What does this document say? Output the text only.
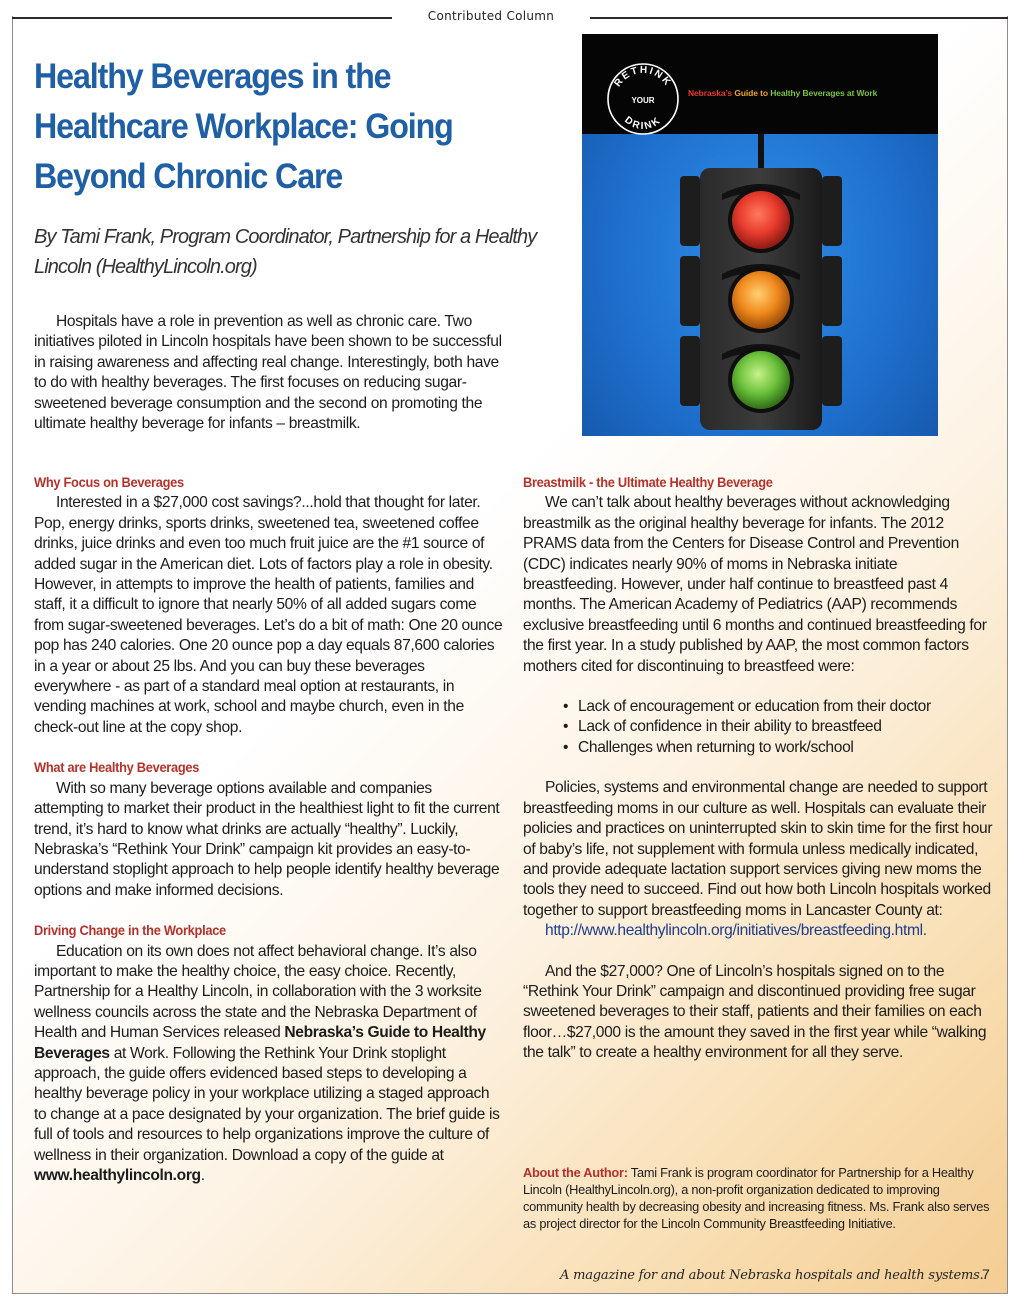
Contributed Column
Healthy Beverages in the Healthcare Workplace: Going Beyond Chronic Care
By Tami Frank, Program Coordinator, Partnership for a Healthy Lincoln (HealthyLincoln.org)
RETHINK
YOUR
DRINK
Nebraska’s Guide to Healthy Beverages at Work

Hospitals have a role in prevention as well as chronic care. Two initiatives piloted in Lincoln hospitals have been shown to be successful in raising awareness and affecting real change. Interestingly, both have to do with healthy beverages. The first focuses on reducing sugar-sweetened beverage consumption and the second on promoting the ultimate healthy beverage for infants – breastmilk.

Why Focus on Beverages

Interested in a $27,000 cost savings?...hold that thought for later. Pop, energy drinks, sports drinks, sweetened tea, sweetened coffee drinks, juice drinks and even too much fruit juice are the #1 source of added sugar in the American diet. Lots of factors play a role in obesity. However, in attempts to improve the health of patients, families and staff, it a difficult to ignore that nearly 50% of all added sugars come from sugar-sweetened beverages. Let’s do a bit of math: One 20 ounce pop has 240 calories. One 20 ounce pop a day equals 87,600 calories in a year or about 25 lbs. And you can buy these beverages everywhere - as part of a standard meal option at restaurants, in vending machines at work, school and maybe church, even in the check-out line at the copy shop.

What are Healthy Beverages

With so many beverage options available and companies attempting to market their product in the healthiest light to fit the current trend, it’s hard to know what drinks are actually “healthy”. Luckily, Nebraska’s “Rethink Your Drink” campaign kit provides an easy-to-understand stoplight approach to help people identify healthy beverage options and make informed decisions.

Driving Change in the Workplace

Education on its own does not affect behavioral change. It’s also important to make the healthy choice, the easy choice. Recently, Partnership for a Healthy Lincoln, in collaboration with the 3 worksite wellness councils across the state and the Nebraska Department of Health and Human Services released Nebraska’s Guide to Healthy Beverages at Work. Following the Rethink Your Drink stoplight approach, the guide offers evidenced based steps to developing a healthy beverage policy in your workplace utilizing a staged approach to change at a pace designated by your organization. The brief guide is full of tools and resources to help organizations improve the culture of wellness in their organization. Download a copy of the guide at www.healthylincoln.org.

Breastmilk - the Ultimate Healthy Beverage

We can’t talk about healthy beverages without acknowledging breastmilk as the original healthy beverage for infants. The 2012 PRAMS data from the Centers for Disease Control and Prevention (CDC) indicates nearly 90% of moms in Nebraska initiate breastfeeding. However, under half continue to breastfeed past 4 months. The American Academy of Pediatrics (AAP) recommends exclusive breastfeeding until 6 months and continued breastfeeding for the first year. In a study published by AAP, the most common factors mothers cited for discontinuing to breastfeed were:

• Lack of encouragement or education from their doctor
• Lack of confidence in their ability to breastfeed
• Challenges when returning to work/school

Policies, systems and environmental change are needed to support breastfeeding moms in our culture as well. Hospitals can evaluate their policies and practices on uninterrupted skin to skin time for the first hour of baby’s life, not supplement with formula unless medically indicated, and provide adequate lactation support services giving new moms the tools they need to succeed. Find out how both Lincoln hospitals worked together to support breastfeeding moms in Lancaster County at:

http://www.healthylincoln.org/initiatives/breastfeeding.html.

And the $27,000? One of Lincoln’s hospitals signed on to the “Rethink Your Drink” campaign and discontinued providing free sugar sweetened beverages to their staff, patients and their families on each floor…$27,000 is the amount they saved in the first year while “walking the talk” to create a healthy environment for all they serve.

About the Author: Tami Frank is program coordinator for Partnership for a Healthy Lincoln (HealthyLincoln.org), a non-profit organization dedicated to improving community health by decreasing obesity and increasing fitness. Ms. Frank also serves as project director for the Lincoln Community Breastfeeding Initiative.
A magazine for and about Nebraska hospitals and health systems.
7
